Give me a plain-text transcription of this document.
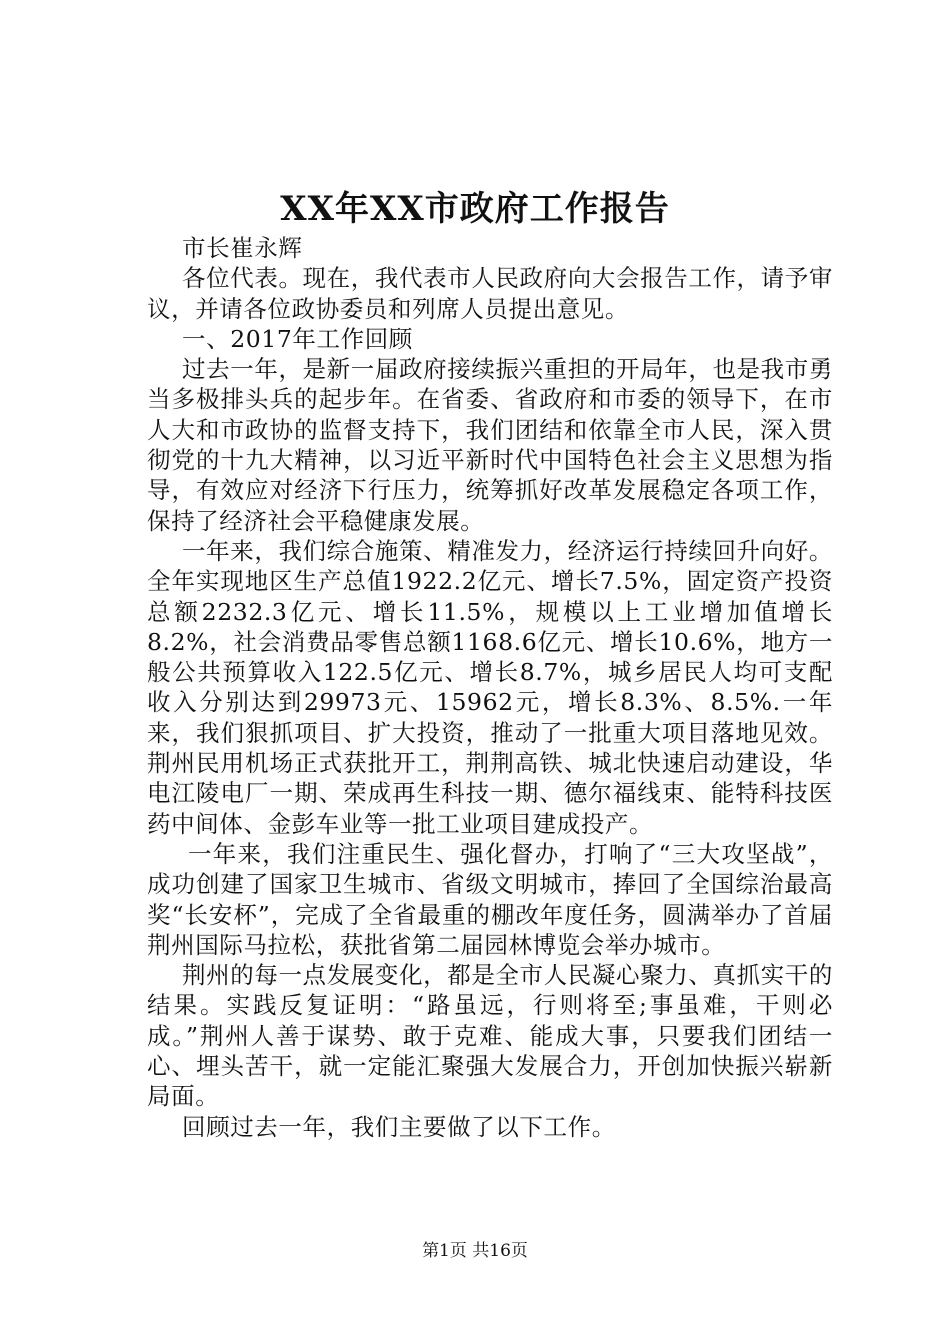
XX年XX市政府工作报告

市长崔永辉

各位代表。现在，我代表市人民政府向大会报告工作，请予审议，并请各位政协委员和列席人员提出意见。

一、2017年工作回顾

过去一年，是新一届政府接续振兴重担的开局年，也是我市勇当多极排头兵的起步年。在省委、省政府和市委的领导下，在市人大和市政协的监督支持下，我们团结和依靠全市人民，深入贯彻党的十九大精神，以习近平新时代中国特色社会主义思想为指导，有效应对经济下行压力，统筹抓好改革发展稳定各项工作，保持了经济社会平稳健康发展。

一年来，我们综合施策、精准发力，经济运行持续回升向好。全年实现地区生产总值1922.2亿元、增长7.5%，固定资产投资总额2232.3亿元、增长11.5%，规模以上工业增加值增长8.2%，社会消费品零售总额1168.6亿元、增长10.6%，地方一般公共预算收入122.5亿元、增长8.7%，城乡居民人均可支配收入分别达到29973元、15962元，增长8.3%、8.5%.一年来，我们狠抓项目、扩大投资，推动了一批重大项目落地见效。荆州民用机场正式获批开工，荆荆高铁、城北快速启动建设，华电江陵电厂一期、荣成再生科技一期、德尔福线束、能特科技医药中间体、金彭车业等一批工业项目建成投产。

一年来，我们注重民生、强化督办，打响了“三大攻坚战”，成功创建了国家卫生城市、省级文明城市，捧回了全国综治最高奖“长安杯”，完成了全省最重的棚改年度任务，圆满举办了首届荆州国际马拉松，获批省第二届园林博览会举办城市。

荆州的每一点发展变化，都是全市人民凝心聚力、真抓实干的结果。实践反复证明：“路虽远，行则将至;事虽难，干则必成。”荆州人善于谋势、敢于克难、能成大事，只要我们团结一心、埋头苦干，就一定能汇聚强大发展合力，开创加快振兴崭新局面。

回顾过去一年，我们主要做了以下工作。

第1页 共16页
